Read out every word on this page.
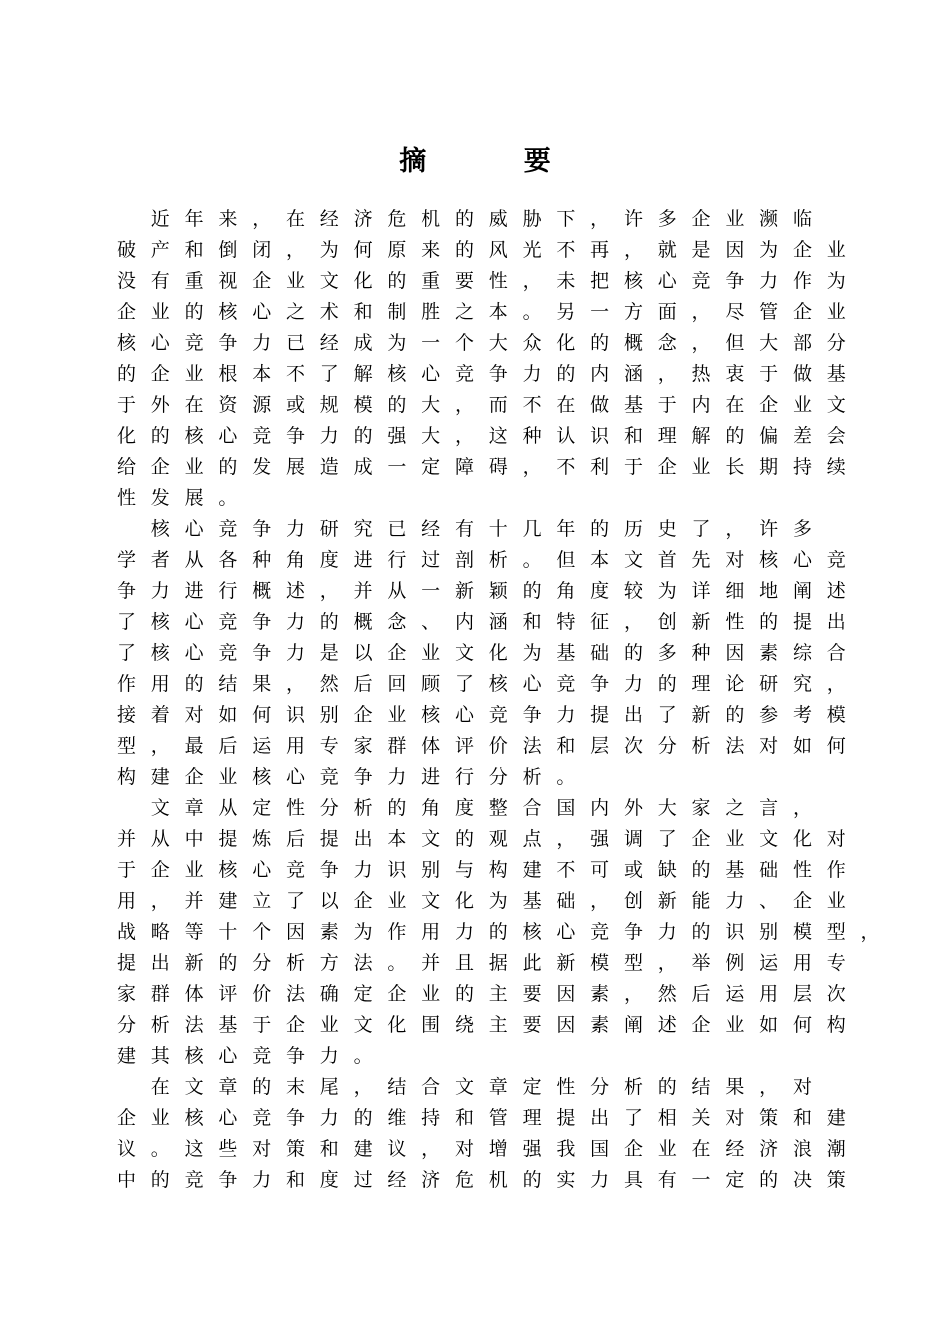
摘 要
　近 年 来 ， 在 经 济 危 机 的 威 胁 下 ， 许 多 企 业 濒 临
破 产 和 倒 闭 ， 为 何 原 来 的 风 光 不 再 ， 就 是 因 为 企 业
没 有 重 视 企 业 文 化 的 重 要 性 ， 未 把 核 心 竞 争 力 作 为
企 业 的 核 心 之 术 和 制 胜 之 本 。 另 一 方 面 ， 尽 管 企 业
核 心 竞 争 力 已 经 成 为 一 个 大 众 化 的 概 念 ， 但 大 部 分
的 企 业 根 本 不 了 解 核 心 竞 争 力 的 内 涵 ， 热 衷 于 做 基
于 外 在 资 源 或 规 模 的 大 ， 而 不 在 做 基 于 内 在 企 业 文
化 的 核 心 竞 争 力 的 强 大 ， 这 种 认 识 和 理 解 的 偏 差 会
给 企 业 的 发 展 造 成 一 定 障 碍 ， 不 利 于 企 业 长 期 持 续
性 发 展 。
　核 心 竞 争 力 研 究 已 经 有 十 几 年 的 历 史 了 ， 许 多
学 者 从 各 种 角 度 进 行 过 剖 析 。 但 本 文 首 先 对 核 心 竞
争 力 进 行 概 述 ， 并 从 一 新 颖 的 角 度 较 为 详 细 地 阐 述
了 核 心 竞 争 力 的 概 念 、 内 涵 和 特 征 ， 创 新 性 的 提 出
了 核 心 竞 争 力 是 以 企 业 文 化 为 基 础 的 多 种 因 素 综 合
作 用 的 结 果 ， 然 后 回 顾 了 核 心 竞 争 力 的 理 论 研 究 ，
接 着 对 如 何 识 别 企 业 核 心 竞 争 力 提 出 了 新 的 参 考 模
型 ， 最 后 运 用 专 家 群 体 评 价 法 和 层 次 分 析 法 对 如 何
构 建 企 业 核 心 竞 争 力 进 行 分 析 。
　文 章 从 定 性 分 析 的 角 度 整 合 国 内 外 大 家 之 言 ，
并 从 中 提 炼 后 提 出 本 文 的 观 点 ， 强 调 了 企 业 文 化 对
于 企 业 核 心 竞 争 力 识 别 与 构 建 不 可 或 缺 的 基 础 性 作
用 ， 并 建 立 了 以 企 业 文 化 为 基 础 ， 创 新 能 力 、 企 业
战 略 等 十 个 因 素 为 作 用 力 的 核 心 竞 争 力 的 识 别 模 型 ，
提 出 新 的 分 析 方 法 。 并 且 据 此 新 模 型 ， 举 例 运 用 专
家 群 体 评 价 法 确 定 企 业 的 主 要 因 素 ， 然 后 运 用 层 次
分 析 法 基 于 企 业 文 化 围 绕 主 要 因 素 阐 述 企 业 如 何 构
建 其 核 心 竞 争 力 。
　在 文 章 的 末 尾 ， 结 合 文 章 定 性 分 析 的 结 果 ， 对
企 业 核 心 竞 争 力 的 维 持 和 管 理 提 出 了 相 关 对 策 和 建
议 。 这 些 对 策 和 建 议 ， 对 增 强 我 国 企 业 在 经 济 浪 潮
中 的 竞 争 力 和 度 过 经 济 危 机 的 实 力 具 有 一 定 的 决 策
